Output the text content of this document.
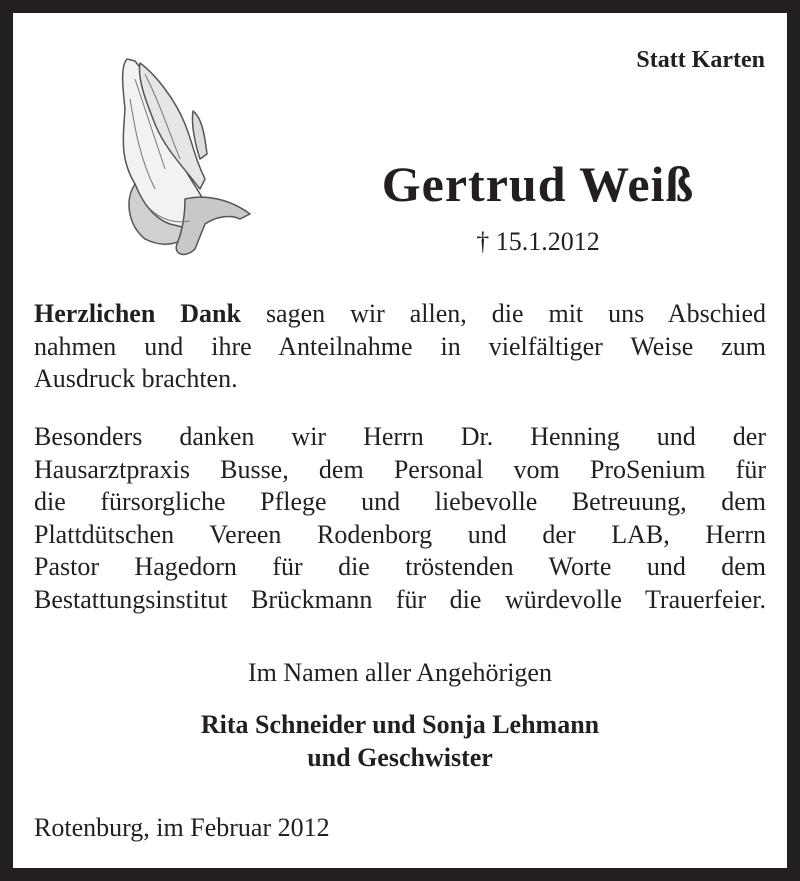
Statt Karten
Gertrud Weiß
† 15.1.2012
Herzlichen Dank sagen wir allen, die mit uns Abschied
nahmen und ihre Anteilnahme in vielfältiger Weise zum
Ausdruck brachten.
Besonders danken wir Herrn Dr. Henning und der
Hausarztpraxis Busse, dem Personal vom ProSenium für
die fürsorgliche Pflege und liebevolle Betreuung, dem
Plattdütschen Vereen Rodenborg und der LAB, Herrn
Pastor Hagedorn für die tröstenden Worte und dem
Bestattungsinstitut Brückmann für die würdevolle Trauerfeier.
Im Namen aller Angehörigen
Rita Schneider und Sonja Lehmann
und Geschwister
Rotenburg, im Februar 2012
